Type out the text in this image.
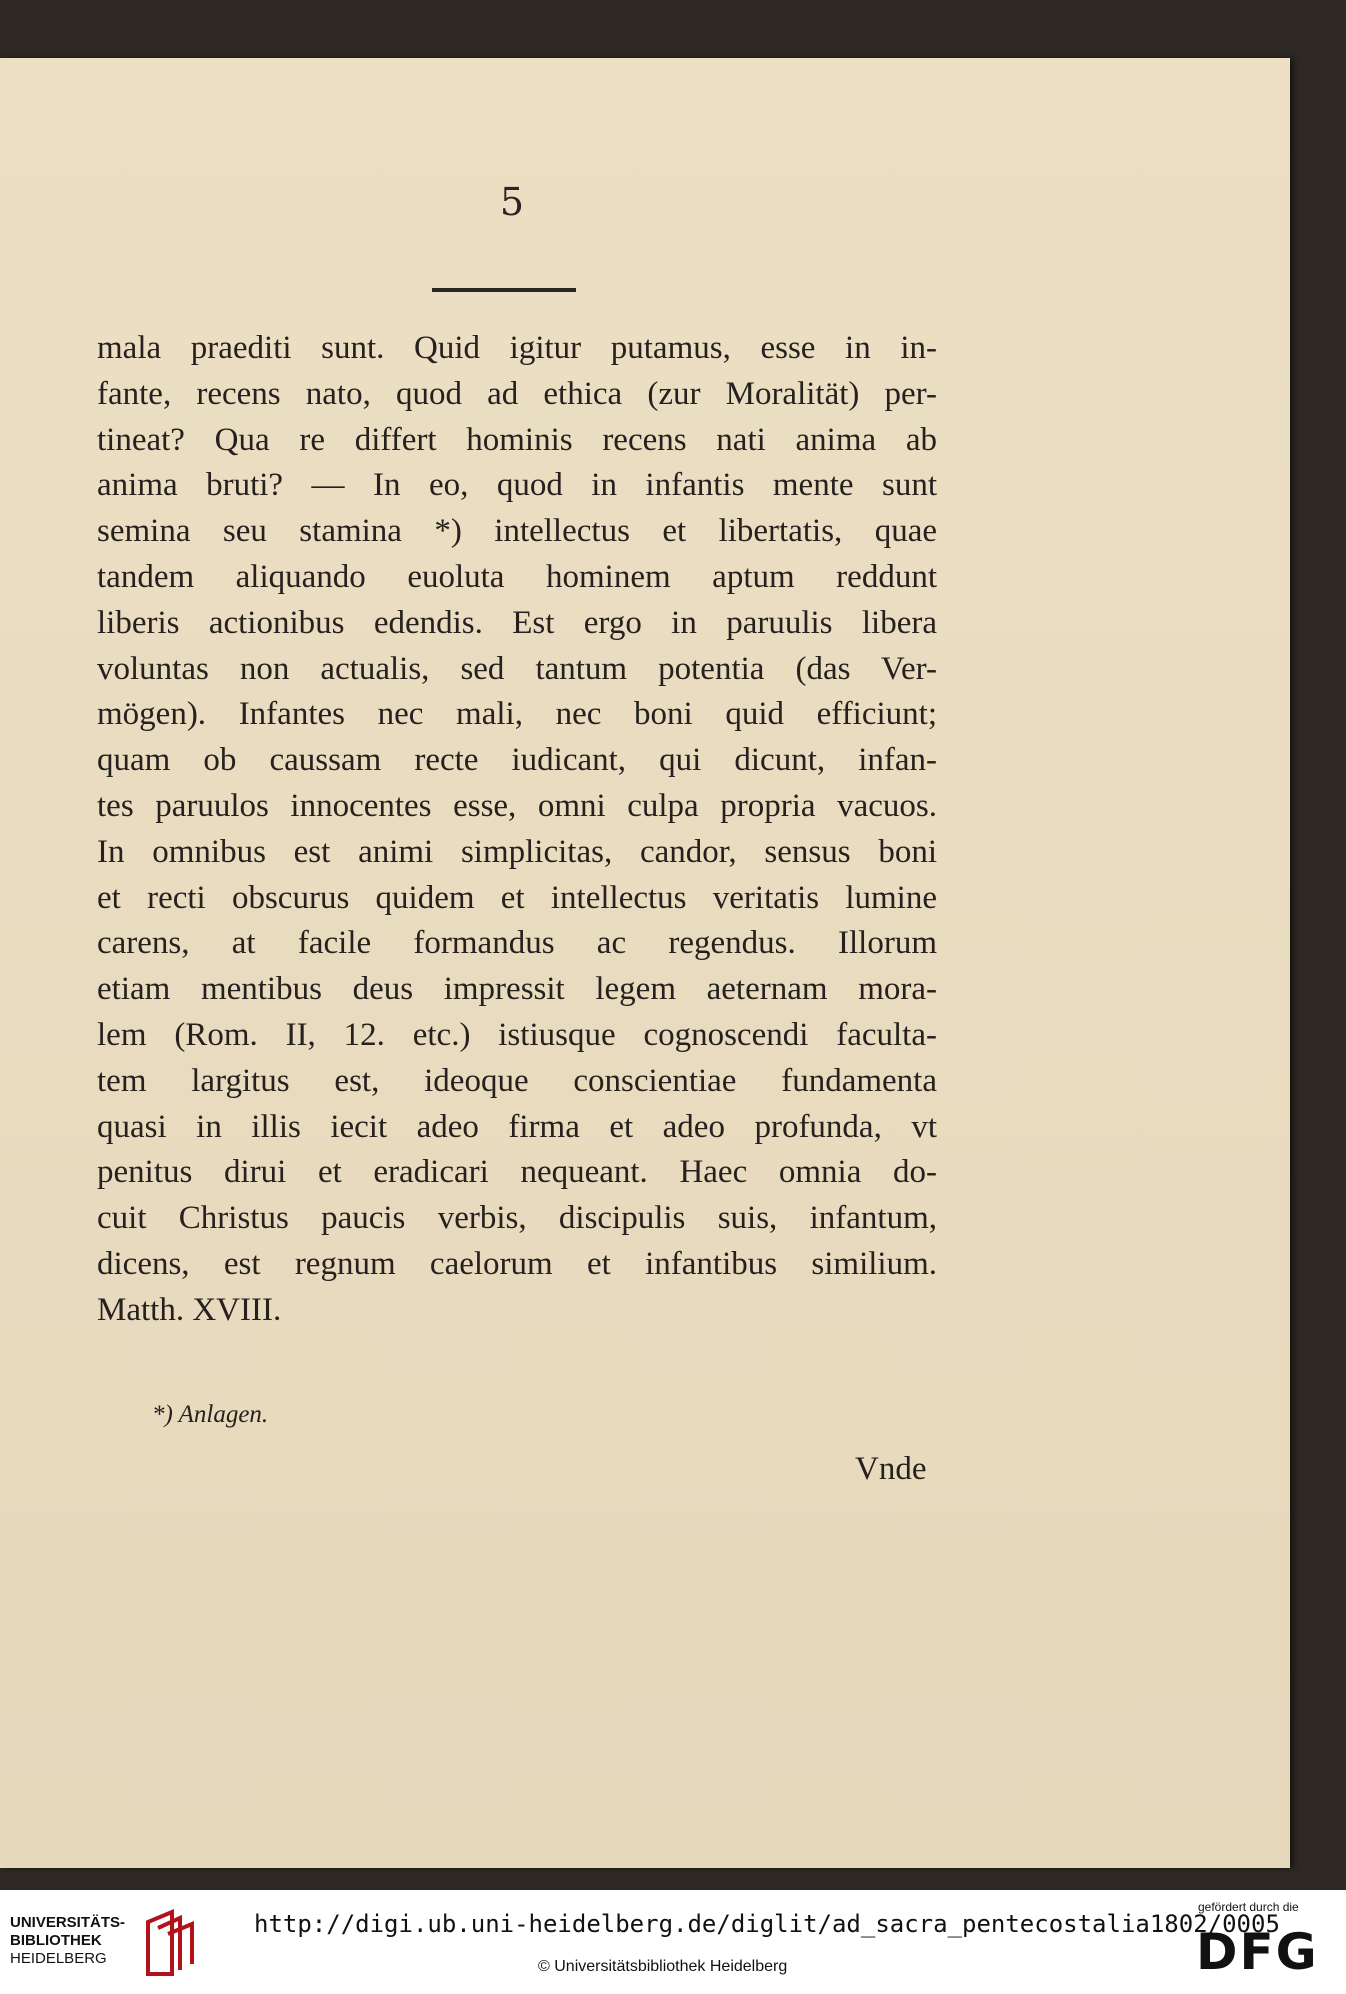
5
mala praediti sunt. Quid igitur putamus, esse in in-
fante, recens nato, quod ad ethica (zur Moralität) per-
tineat? Qua re differt hominis recens nati anima ab
anima bruti? — In eo, quod in infantis mente sunt
semina seu stamina *) intellectus et libertatis, quae
tandem aliquando euoluta hominem aptum reddunt
liberis actionibus edendis. Est ergo in paruulis libera
voluntas non actualis, sed tantum potentia (das Ver-
mögen). Infantes nec mali, nec boni quid efficiunt;
quam ob caussam recte iudicant, qui dicunt, infan-
tes paruulos innocentes esse, omni culpa propria vacuos.
In omnibus est animi simplicitas, candor, sensus boni
et recti obscurus quidem et intellectus veritatis lumine
carens, at facile formandus ac regendus. Illorum
etiam mentibus deus impressit legem aeternam mora-
lem (Rom. II, 12. etc.) istiusque cognoscendi facultа-
tem largitus est, ideoque conscientiae fundamenta
quasi in illis iecit adeo firma et adeo profunda, vt
penitus dirui et eradicari nequeant. Haec omnia do-
cuit Christus paucis verbis, discipulis suis, infantum,
dicens, est regnum caelorum et infantibus similium.
Matth. XVIII.
*) Anlagen.
Vnde
UNIVERSITÄTS-
BIBLIOTHEK
HEIDELBERG
http://digi.ub.uni-heidelberg.de/diglit/ad_sacra_pentecostalia1802/0005
© Universitätsbibliothek Heidelberg
gefördert durch die
DFG
